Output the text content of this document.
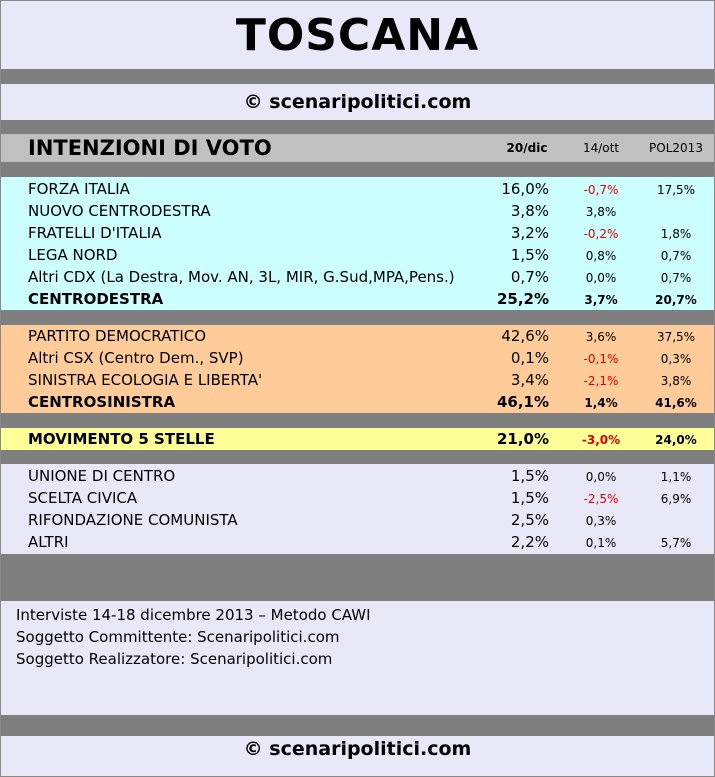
TOSCANA
© scenaripolitici.com
INTENZIONI DI VOTO	20/dic	14/ott	POL2013
FORZA ITALIA	16,0%	-0,7%	17,5%
NUOVO CENTRODESTRA	3,8%	3,8%
FRATELLI D'ITALIA	3,2%	-0,2%	1,8%
LEGA NORD	1,5%	0,8%	0,7%
Altri CDX (La Destra, Mov. AN, 3L, MIR, G.Sud,MPA,Pens.)	0,7%	0,0%	0,7%
CENTRODESTRA	25,2%	3,7%	20,7%
PARTITO DEMOCRATICO	42,6%	3,6%	37,5%
Altri CSX (Centro Dem., SVP)	0,1%	-0,1%	0,3%
SINISTRA ECOLOGIA E LIBERTA'	3,4%	-2,1%	3,8%
CENTROSINISTRA	46,1%	1,4%	41,6%
MOVIMENTO 5 STELLE	21,0%	-3,0%	24,0%
UNIONE DI CENTRO	1,5%	0,0%	1,1%
SCELTA CIVICA	1,5%	-2,5%	6,9%
RIFONDAZIONE COMUNISTA	2,5%	0,3%
ALTRI	2,2%	0,1%	5,7%
Interviste 14-18 dicembre 2013 – Metodo CAWI
Soggetto Committente: Scenaripolitici.com
Soggetto Realizzatore: Scenaripolitici.com
© scenaripolitici.com
